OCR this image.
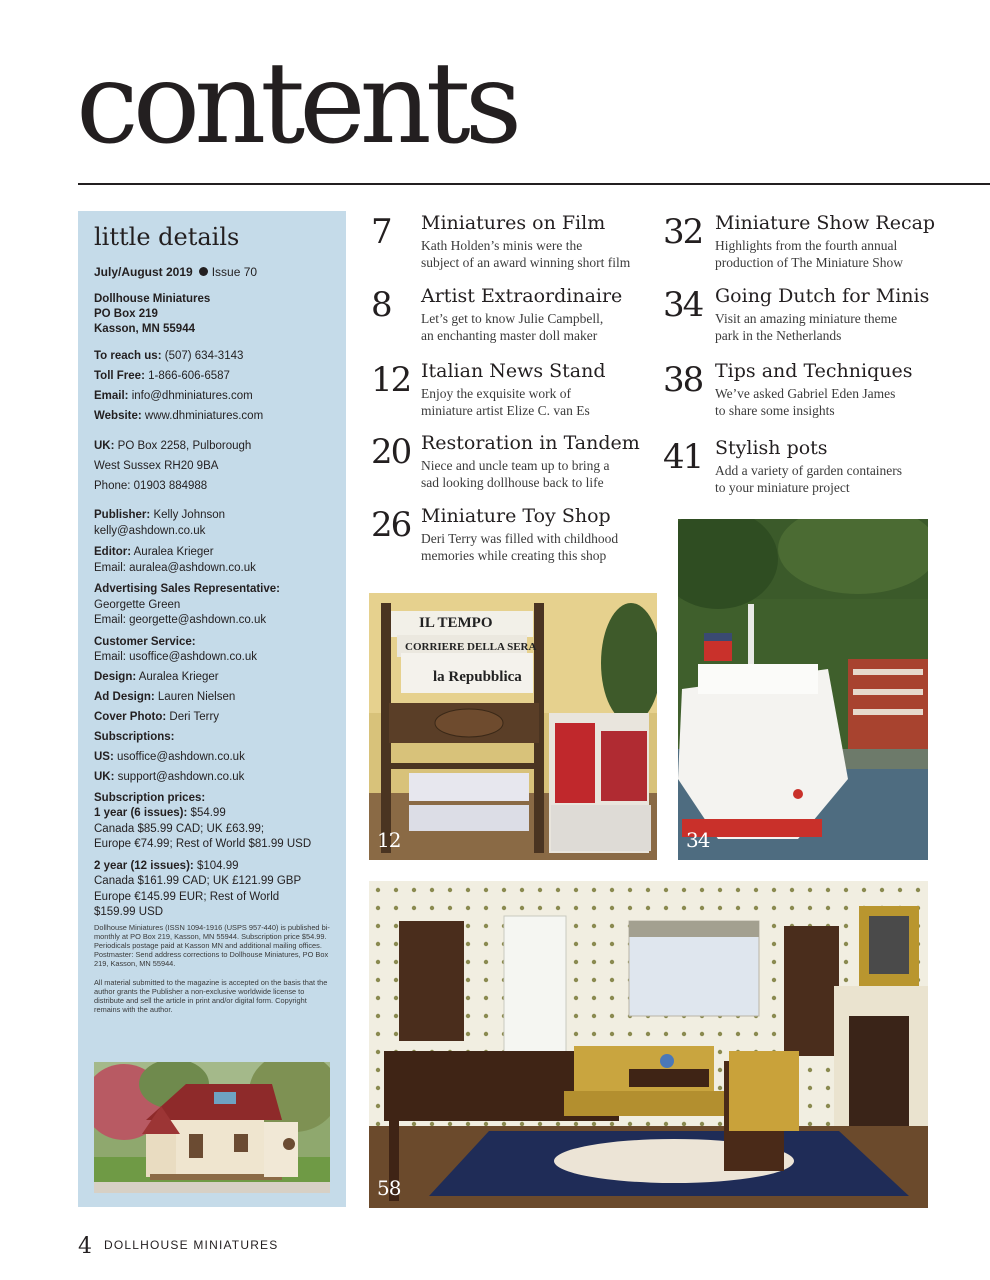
contents
little details
July/August 2019 Issue 70
Dollhouse Miniatures
PO Box 219
Kasson, MN 55944
To reach us: (507) 634-3143
Toll Free: 1-866-606-6587
Email: info@dhminiatures.com
Website: www.dhminiatures.com
UK: PO Box 2258, Pulborough
West Sussex RH20 9BA
Phone: 01903 884988
Publisher: Kelly Johnson
kelly@ashdown.co.uk
Editor: Auralea Krieger
Email: auralea@ashdown.co.uk
Advertising Sales Representative:
Georgette Green
Email: georgette@ashdown.co.uk
Customer Service:
Email: usoffice@ashdown.co.uk
Design: Auralea Krieger
Ad Design: Lauren Nielsen
Cover Photo: Deri Terry
Subscriptions:
US: usoffice@ashdown.co.uk
UK: support@ashdown.co.uk
Subscription prices:
1 year (6 issues): $54.99
Canada $85.99 CAD; UK £63.99;
Europe €74.99; Rest of World $81.99 USD
2 year (12 issues): $104.99
Canada $161.99 CAD; UK £121.99 GBP
Europe €145.99 EUR; Rest of World
$159.99 USD
Dollhouse Miniatures (ISSN 1094-1916 (USPS 957-440) is published bi-monthly at PO Box 219, Kasson, MN 55944. Subscription price $54.99. Periodicals postage paid at Kasson MN and additional mailing offices. Postmaster: Send address corrections to Dollhouse Miniatures, PO Box 219, Kasson, MN 55944.
All material submitted to the magazine is accepted on the basis that the author grants the Publisher a non-exclusive worldwide license to distribute and sell the article in print and/or digital form. Copyright remains with the author.
7 Miniatures on Film
Kath Holden’s minis were the
subject of an award winning short film
8 Artist Extraordinaire
Let’s get to know Julie Campbell,
an enchanting master doll maker
12 Italian News Stand
Enjoy the exquisite work of
miniature artist Elize C. van Es
20 Restoration in Tandem
Niece and uncle team up to bring a
sad looking dollhouse back to life
26 Miniature Toy Shop
Deri Terry was filled with childhood
memories while creating this shop
32 Miniature Show Recap
Highlights from the fourth annual
production of The Miniature Show
34 Going Dutch for Minis
Visit an amazing miniature theme
park in the Netherlands
38 Tips and Techniques
We’ve asked Gabriel Eden James
to share some insights
41 Stylish pots
Add a variety of garden containers
to your miniature project
IL TEMPO
CORRIERE DELLA SERA
la Repubblica
12	34
58
4 DOLLHOUSE MINIATURES
